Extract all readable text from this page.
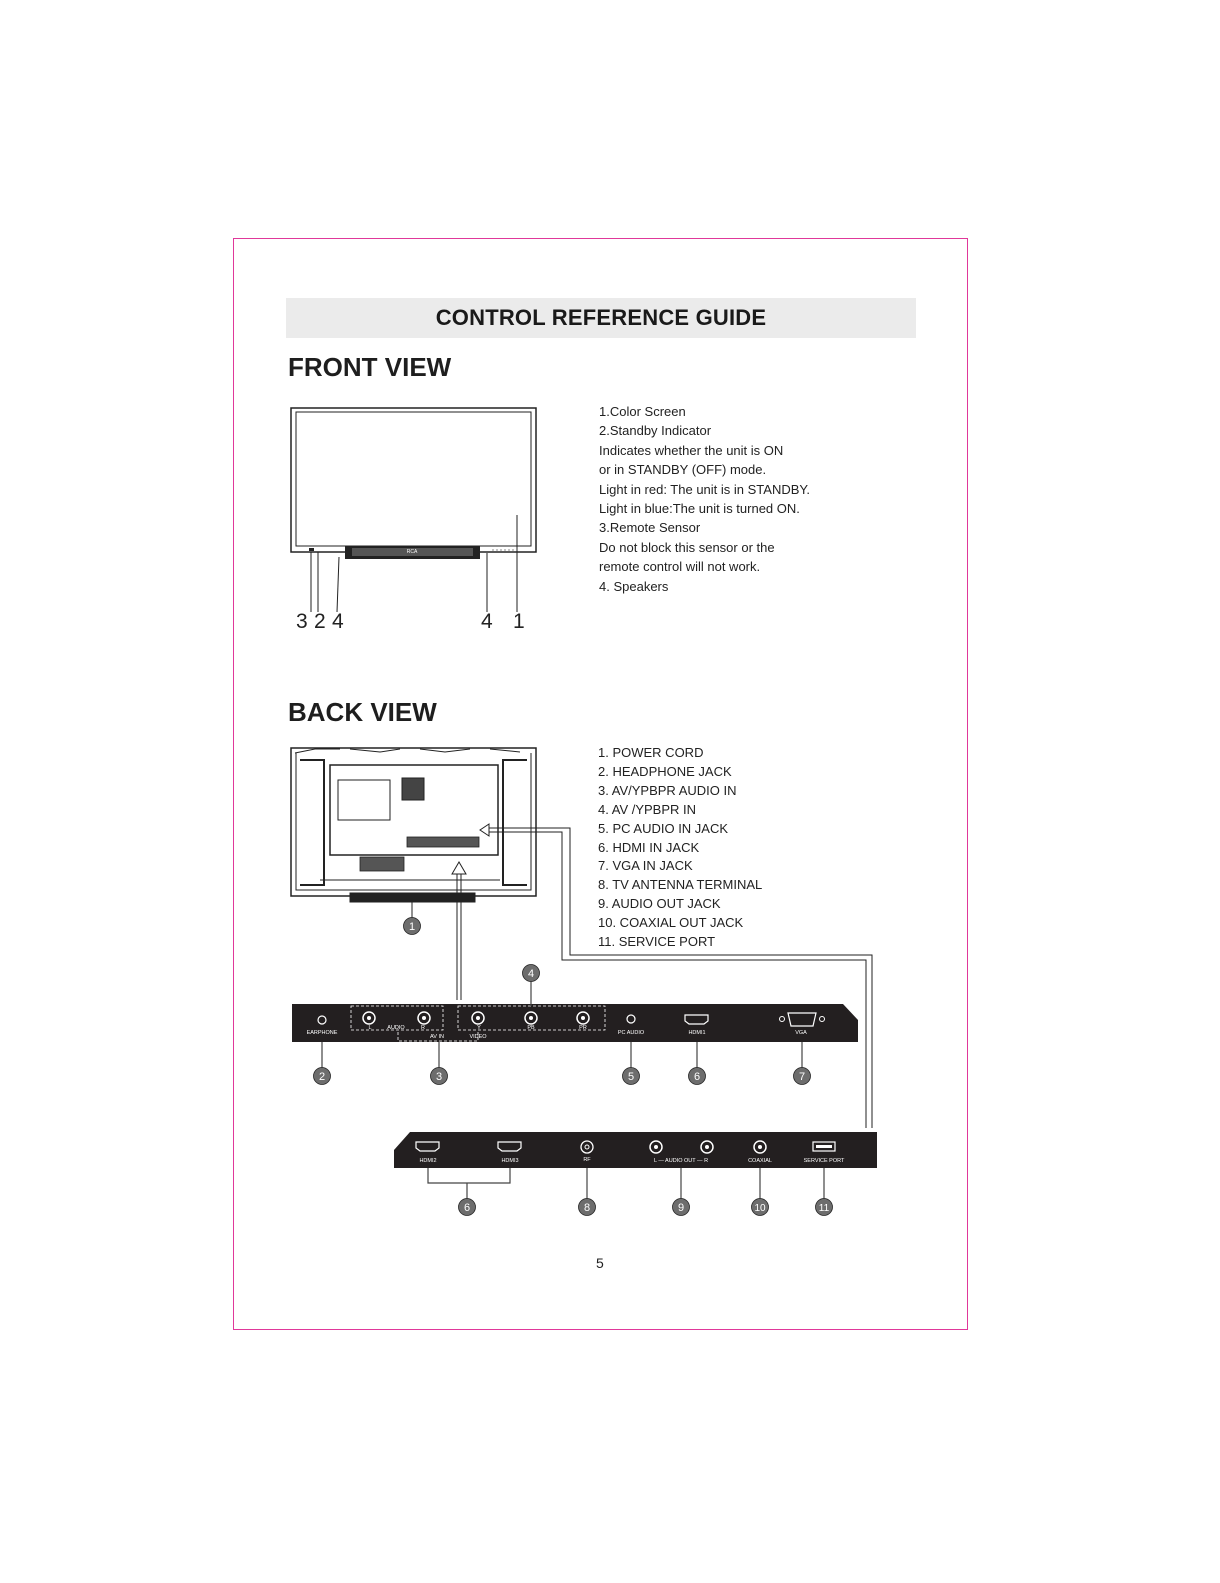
CONTROL REFERENCE GUIDE
FRONT VIEW
BACK VIEW
1.Color Screen
2.Standby Indicator
Indicates whether the unit is ON
or in STANDBY (OFF) mode.
Light in red: The unit is in STANDBY.
Light in blue:The unit is turned ON.
3.Remote Sensor
Do not block this sensor or the
remote control will not work.
4. Speakers
1. POWER CORD
2. HEADPHONE JACK
3. AV/YPBPR AUDIO IN
4. AV /YPBPR IN
5. PC AUDIO IN JACK
6. HDMI IN JACK
7. VGA IN JACK
8. TV ANTENNA TERMINAL
9. AUDIO OUT JACK
10. COAXIAL OUT JACK
11. SERVICE PORT
3 2 4	4 1
5
RCA
EARPHONE
L	AUDIO	R
AV IN
Y	PB	PR
VIDEO
PC AUDIO	HDMI1	VGA
HDMI2	HDMI3	RF	L — AUDIO OUT — R	COAXIAL	SERVICE PORT
1
4
2	3	5	6	7
6	8	9	10	11
